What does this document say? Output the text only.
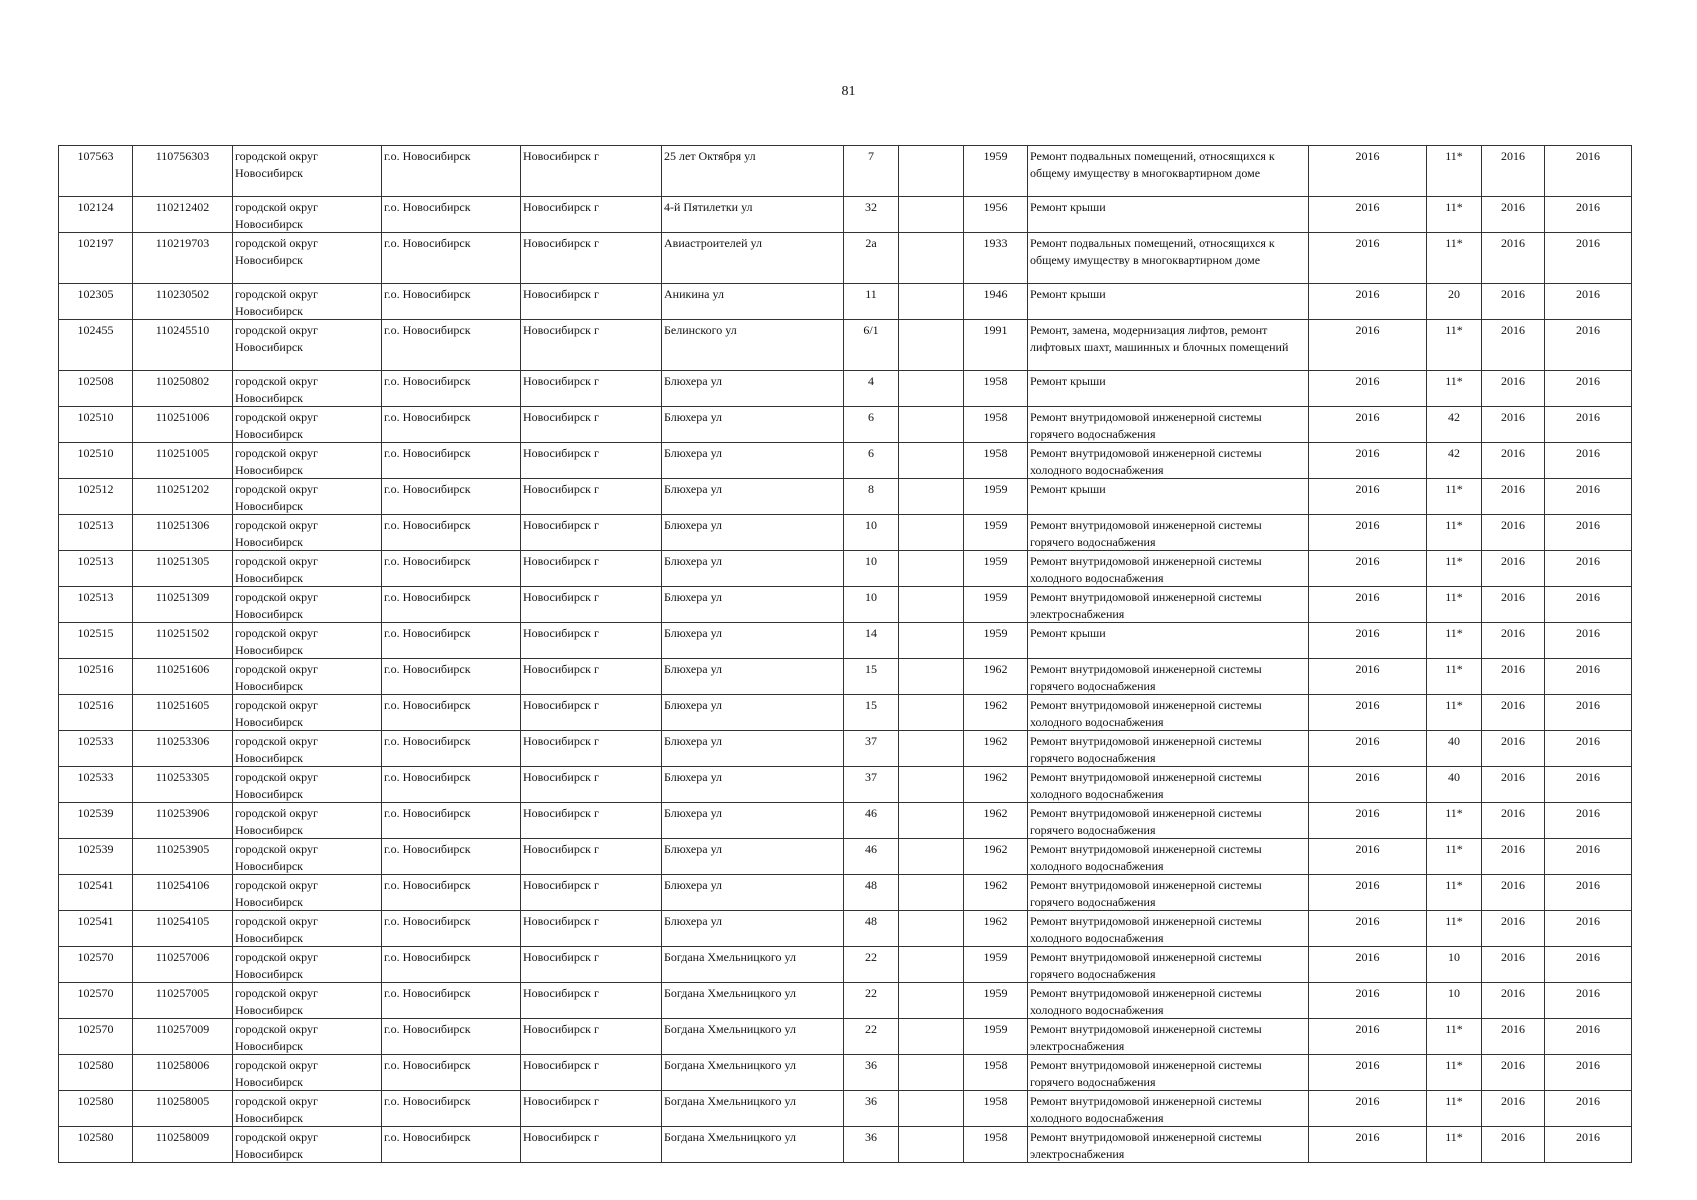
81
107563	110756303	городской округ Новосибирск	г.о. Новосибирск	Новосибирск г	25 лет Октября ул	7		1959	Ремонт подвальных помещений, относящихся к общему имуществу в многоквартирном доме	2016	11*	2016	2016
102124	110212402	городской округ Новосибирск	г.о. Новосибирск	Новосибирск г	4-й Пятилетки ул	32		1956	Ремонт крыши	2016	11*	2016	2016
102197	110219703	городской округ Новосибирск	г.о. Новосибирск	Новосибирск г	Авиастроителей ул	2а		1933	Ремонт подвальных помещений, относящихся к общему имуществу в многоквартирном доме	2016	11*	2016	2016
102305	110230502	городской округ Новосибирск	г.о. Новосибирск	Новосибирск г	Аникина ул	11		1946	Ремонт крыши	2016	20	2016	2016
102455	110245510	городской округ Новосибирск	г.о. Новосибирск	Новосибирск г	Белинского ул	6/1		1991	Ремонт, замена, модернизация лифтов, ремонт лифтовых шахт, машинных и блочных помещений	2016	11*	2016	2016
102508	110250802	городской округ Новосибирск	г.о. Новосибирск	Новосибирск г	Блюхера ул	4		1958	Ремонт крыши	2016	11*	2016	2016
102510	110251006	городской округ Новосибирск	г.о. Новосибирск	Новосибирск г	Блюхера ул	6		1958	Ремонт внутридомовой инженерной системы горячего водоснабжения	2016	42	2016	2016
102510	110251005	городской округ Новосибирск	г.о. Новосибирск	Новосибирск г	Блюхера ул	6		1958	Ремонт внутридомовой инженерной системы холодного водоснабжения	2016	42	2016	2016
102512	110251202	городской округ Новосибирск	г.о. Новосибирск	Новосибирск г	Блюхера ул	8		1959	Ремонт крыши	2016	11*	2016	2016
102513	110251306	городской округ Новосибирск	г.о. Новосибирск	Новосибирск г	Блюхера ул	10		1959	Ремонт внутридомовой инженерной системы горячего водоснабжения	2016	11*	2016	2016
102513	110251305	городской округ Новосибирск	г.о. Новосибирск	Новосибирск г	Блюхера ул	10		1959	Ремонт внутридомовой инженерной системы холодного водоснабжения	2016	11*	2016	2016
102513	110251309	городской округ Новосибирск	г.о. Новосибирск	Новосибирск г	Блюхера ул	10		1959	Ремонт внутридомовой инженерной системы электроснабжения	2016	11*	2016	2016
102515	110251502	городской округ Новосибирск	г.о. Новосибирск	Новосибирск г	Блюхера ул	14		1959	Ремонт крыши	2016	11*	2016	2016
102516	110251606	городской округ Новосибирск	г.о. Новосибирск	Новосибирск г	Блюхера ул	15		1962	Ремонт внутридомовой инженерной системы горячего водоснабжения	2016	11*	2016	2016
102516	110251605	городской округ Новосибирск	г.о. Новосибирск	Новосибирск г	Блюхера ул	15		1962	Ремонт внутридомовой инженерной системы холодного водоснабжения	2016	11*	2016	2016
102533	110253306	городской округ Новосибирск	г.о. Новосибирск	Новосибирск г	Блюхера ул	37		1962	Ремонт внутридомовой инженерной системы горячего водоснабжения	2016	40	2016	2016
102533	110253305	городской округ Новосибирск	г.о. Новосибирск	Новосибирск г	Блюхера ул	37		1962	Ремонт внутридомовой инженерной системы холодного водоснабжения	2016	40	2016	2016
102539	110253906	городской округ Новосибирск	г.о. Новосибирск	Новосибирск г	Блюхера ул	46		1962	Ремонт внутридомовой инженерной системы горячего водоснабжения	2016	11*	2016	2016
102539	110253905	городской округ Новосибирск	г.о. Новосибирск	Новосибирск г	Блюхера ул	46		1962	Ремонт внутридомовой инженерной системы холодного водоснабжения	2016	11*	2016	2016
102541	110254106	городской округ Новосибирск	г.о. Новосибирск	Новосибирск г	Блюхера ул	48		1962	Ремонт внутридомовой инженерной системы горячего водоснабжения	2016	11*	2016	2016
102541	110254105	городской округ Новосибирск	г.о. Новосибирск	Новосибирск г	Блюхера ул	48		1962	Ремонт внутридомовой инженерной системы холодного водоснабжения	2016	11*	2016	2016
102570	110257006	городской округ Новосибирск	г.о. Новосибирск	Новосибирск г	Богдана Хмельницкого ул	22		1959	Ремонт внутридомовой инженерной системы горячего водоснабжения	2016	10	2016	2016
102570	110257005	городской округ Новосибирск	г.о. Новосибирск	Новосибирск г	Богдана Хмельницкого ул	22		1959	Ремонт внутридомовой инженерной системы холодного водоснабжения	2016	10	2016	2016
102570	110257009	городской округ Новосибирск	г.о. Новосибирск	Новосибирск г	Богдана Хмельницкого ул	22		1959	Ремонт внутридомовой инженерной системы электроснабжения	2016	11*	2016	2016
102580	110258006	городской округ Новосибирск	г.о. Новосибирск	Новосибирск г	Богдана Хмельницкого ул	36		1958	Ремонт внутридомовой инженерной системы горячего водоснабжения	2016	11*	2016	2016
102580	110258005	городской округ Новосибирск	г.о. Новосибирск	Новосибирск г	Богдана Хмельницкого ул	36		1958	Ремонт внутридомовой инженерной системы холодного водоснабжения	2016	11*	2016	2016
102580	110258009	городской округ Новосибирск	г.о. Новосибирск	Новосибирск г	Богдана Хмельницкого ул	36		1958	Ремонт внутридомовой инженерной системы электроснабжения	2016	11*	2016	2016
